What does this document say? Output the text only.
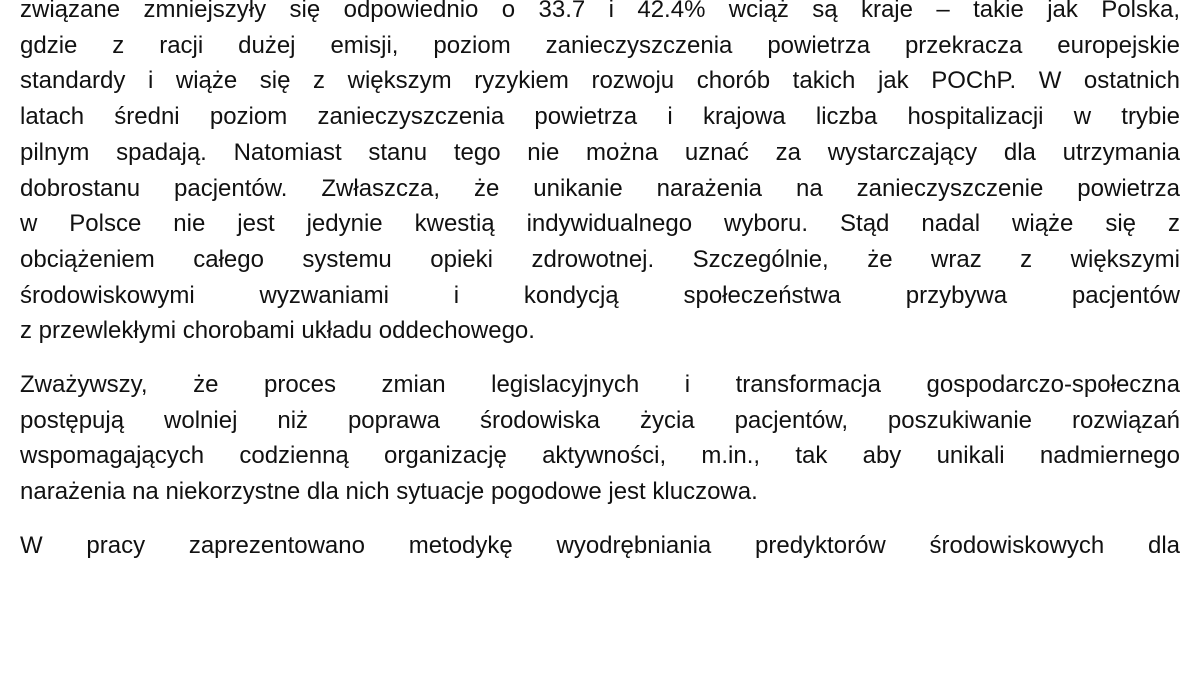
związane zmniejszyły się odpowiednio o 33.7 i 42.4% wciąż są kraje – takie jak Polska,
gdzie z racji dużej emisji, poziom zanieczyszczenia powietrza przekracza europejskie
standardy i wiąże się z większym ryzykiem rozwoju chorób takich jak POChP. W ostatnich
latach średni poziom zanieczyszczenia powietrza i krajowa liczba hospitalizacji w trybie
pilnym spadają. Natomiast stanu tego nie można uznać za wystarczający dla utrzymania
dobrostanu pacjentów. Zwłaszcza, że unikanie narażenia na zanieczyszczenie powietrza
w Polsce nie jest jedynie kwestią indywidualnego wyboru. Stąd nadal wiąże się z
obciążeniem całego systemu opieki zdrowotnej. Szczególnie, że wraz z większymi
środowiskowymi wyzwaniami i kondycją społeczeństwa przybywa pacjentów
z przewlekłymi chorobami układu oddechowego.

Zważywszy, że proces zmian legislacyjnych i transformacja gospodarczo-społeczna
postępują wolniej niż poprawa środowiska życia pacjentów, poszukiwanie rozwiązań
wspomagających codzienną organizację aktywności, m.in., tak aby unikali nadmiernego
narażenia na niekorzystne dla nich sytuacje pogodowe jest kluczowa.

W pracy zaprezentowano metodykę wyodrębniania predyktorów środowiskowych dla
